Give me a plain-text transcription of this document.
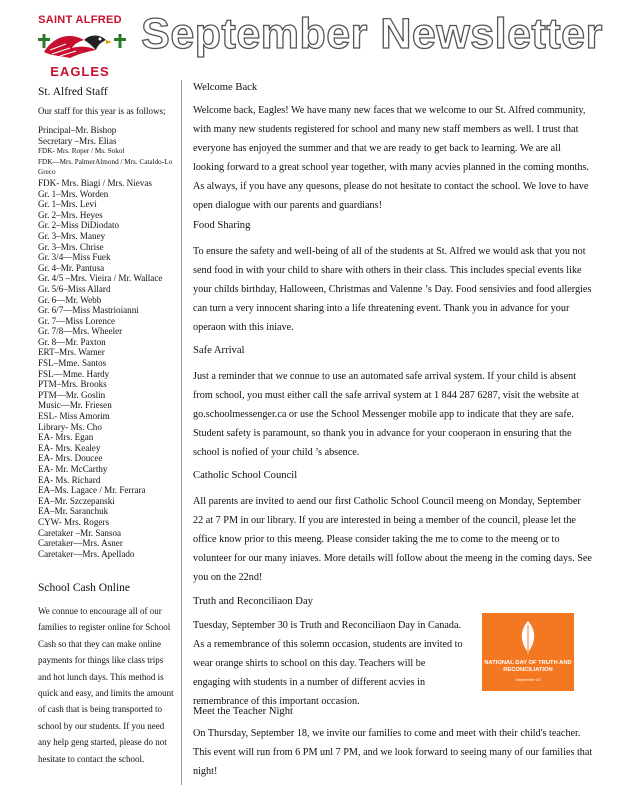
SAINT ALFRED
EAGLES
September Newsletter
St. Alfred Staff

Our staff for this year is as follows;

Principal–Mr. Bishop
Secretary –Mrs. Elias
FDK- Mrs. Roper / Ms. Sokol
FDK—Mrs. PalmerAlmond / Mrs. Cataldo-Lo Greco
FDK- Mrs. Biagi / Mrs. Nievas
Gr. 1–Mrs. Worden
Gr. 1–Mrs. Levi
Gr. 2–Mrs. Heyes
Gr. 2–Miss DiDiodato
Gr. 3–Mrs. Maney
Gr. 3–Mrs. Chrise
Gr. 3/4—Miss Fuek
Gr. 4–Mr. Pantusa
Gr. 4/5 –Mrs. Vieira / Mr. Wallace
Gr. 5/6–Miss Allard
Gr. 6—Mr. Webb
Gr. 6/7—Miss Mastrioianni
Gr. 7—Miss Lorence
Gr. 7/8—Mrs. Wheeler
Gr. 8—Mr. Paxton
ERT–Mrs. Warner
FSL–Mme. Santos
FSL—Mme. Hardy
PTM–Mrs. Brooks
PTM—Mr. Goslin
Music—Mr. Friesen
ESL- Miss Amorim
Library- Ms. Cho
EA- Mrs. Egan
EA- Mrs. Kealey
EA- Mrs. Doucee
EA- Mr. McCarthy
EA- Ms. Richard
EA–Ms. Lagace / Mr. Ferrara
EA–Mr. Szczepanski
EA–Mr. Saranchuk
CYW- Mrs. Rogers
Caretaker –Mr. Sansoa
Caretaker—Mrs. Asner
Caretaker—Mrs. Apellado
School Cash Online

We connue to encourage all of our families to register online for School Cash so that they can make online payments for things like class trips and hot lunch days. This method is quick and easy, and limits the amount of cash that is being transported to school by our students. If you need any help geng started, please do not hesitate to contact the school.

Welcome Back

Welcome back, Eagles! We have many new faces that we welcome to our St. Alfred community, with many new students registered for school and many new staff members as well. I trust that everyone has enjoyed the summer and that we are ready to get back to learning. We are all looking forward to a great school year together, with many acvies planned in the coming months. As always, if you have any quesons, please do not hesitate to contact the school. We love to have open dialogue with our parents and guardians!

Food Sharing

To ensure the safety and well-being of all of the students at St. Alfred we would ask that you not send food in with your child to share with others in their class. This includes special events like your childs birthday, Halloween, Christmas and Valenne ’s Day. Food sensivies and food allergies can turn a very innocent sharing into a life threatening event. Thank you in advance for your operaon with this iniave.

Safe Arrival

Just a reminder that we connue to use an automated safe arrival system. If your child is absent from school, you must either call the safe arrival system at 1 844 287 6287, visit the website at go.schoolmessenger.ca or use the School Messenger mobile app to indicate that they are safe. Student safety is paramount, so thank you in advance for your cooperaon in ensuring that the school is nofied of your child ’s absence.

Catholic School Council

All parents are invited to aend our first Catholic School Council meeng on Monday, September 22 at 7 PM in our library. If you are interested in being a member of the council, please let the office know prior to this meeng. Please consider taking the me to come to the meeng or to volunteer for our many iniaves. More details will follow about the meeng in the coming days. See you on the 22nd!

Truth and Reconciliaon Day

Tuesday, September 30 is Truth and Reconciliaon Day in Canada. As a remembrance of this solemn occasion, students are invited to wear orange shirts to school on this day. Teachers will be engaging with students in a number of different acvies in remembrance of this important occasion.

Meet the Teacher Night

On Thursday, September 18, we invite our families to come and meet with their child's teacher. This event will run from 6 PM unl 7 PM, and we look forward to seeing many of our families that night!

NATIONAL DAY OF TRUTH AND RECONCILIATION
September 30
